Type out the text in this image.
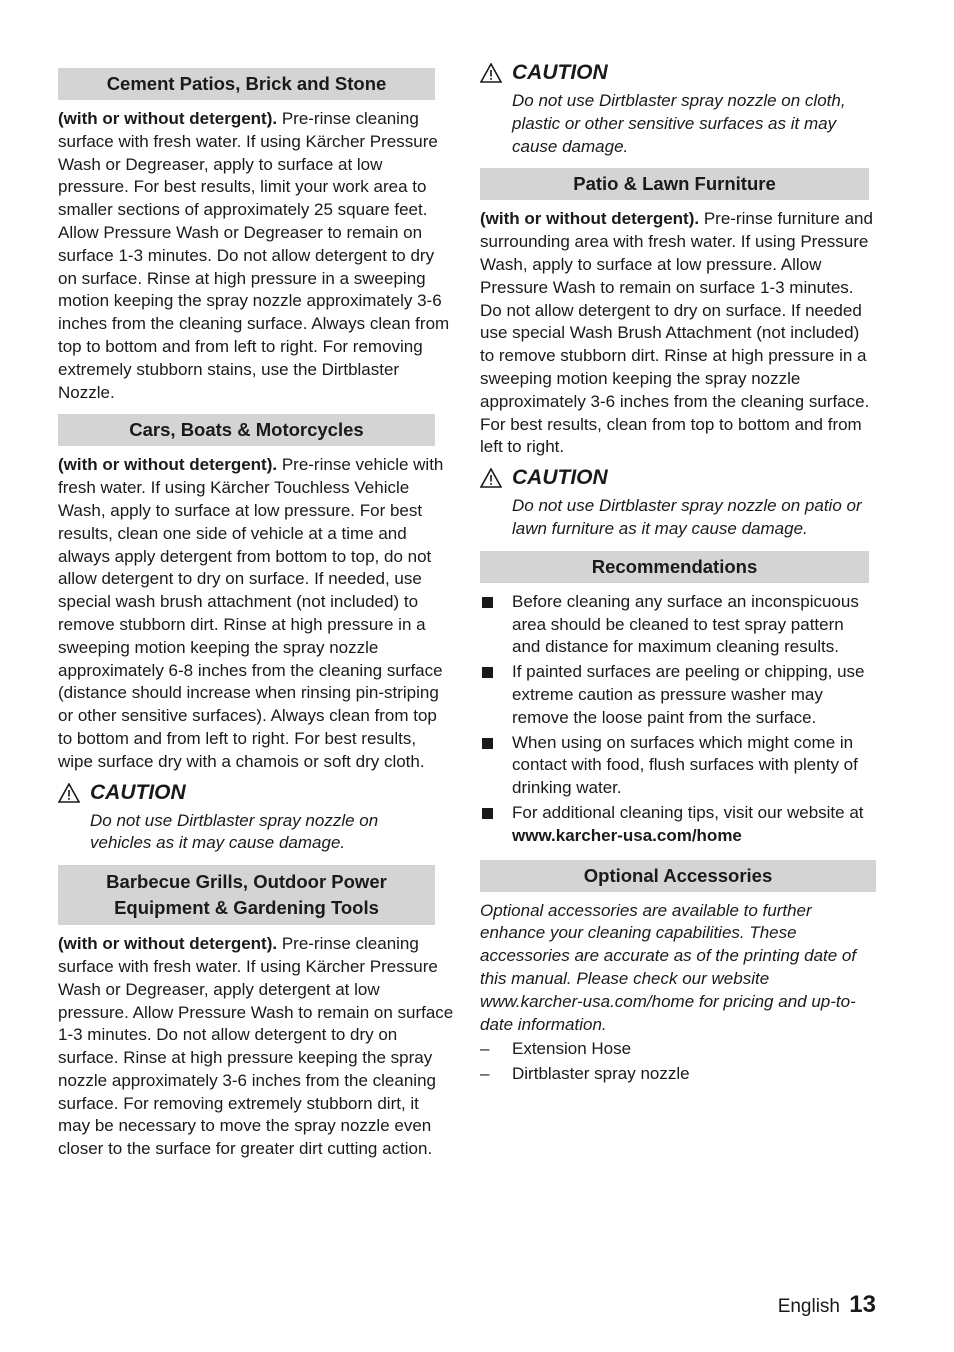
Cement Patios, Brick and Stone

(with or without detergent). Pre-rinse cleaning surface with fresh water. If using Kärcher Pressure Wash or Degreaser, apply to surface at low pressure. For best results, limit your work area to smaller sections of approximately 25 square feet. Allow Pressure Wash or Degreaser to remain on surface 1-3 minutes. Do not allow detergent to dry on surface. Rinse at high pressure in a sweeping motion keeping the spray nozzle approximately 3-6 inches from the cleaning surface. Always clean from top to bottom and from left to right. For removing extremely stubborn stains, use the Dirtblaster Nozzle.

Cars, Boats & Motorcycles

(with or without detergent). Pre-rinse vehicle with fresh water. If using Kärcher Touchless Vehicle Wash, apply to surface at low pressure. For best results, clean one side of vehicle at a time and always apply detergent from bottom to top, do not allow detergent to dry on surface. If needed, use special wash brush attachment (not included) to remove stubborn dirt. Rinse at high pressure in a sweeping motion keeping the spray nozzle approximately 6-8 inches from the cleaning surface (distance should increase when rinsing pin-striping or other sensitive surfaces). Always clean from top to bottom and from left to right. For best results, wipe surface dry with a chamois or soft dry cloth.

CAUTION

Do not use Dirtblaster spray nozzle on vehicles as it may cause damage.

Barbecue Grills, Outdoor Power Equipment & Gardening Tools

(with or without detergent). Pre-rinse cleaning surface with fresh water. If using Kärcher Pressure Wash or Degreaser, apply detergent at low pressure. Allow Pressure Wash to remain on surface 1-3 minutes. Do not allow detergent to dry on surface. Rinse at high pressure keeping the spray nozzle approximately 3-6 inches from the cleaning surface. For removing extremely stubborn dirt, it may be necessary to move the spray nozzle even closer to the surface for greater dirt cutting action.

CAUTION

Do not use Dirtblaster spray nozzle on cloth, plastic or other sensitive surfaces as it may cause damage.

Patio & Lawn Furniture

(with or without detergent). Pre-rinse furniture and surrounding area with fresh water. If using Pressure Wash, apply to surface at low pressure. Allow Pressure Wash to remain on surface 1-3 minutes. Do not allow detergent to dry on surface. If needed use special Wash Brush Attachment (not included) to remove stubborn dirt. Rinse at high pressure in a sweeping motion keeping the spray nozzle approximately 3-6 inches from the cleaning surface. For best results, clean from top to bottom and from left to right.

CAUTION

Do not use Dirtblaster spray nozzle on patio or lawn furniture as it may cause damage.

Recommendations
Before cleaning any surface an inconspicuous area should be cleaned to test spray pattern and distance for maximum cleaning results.
If painted surfaces are peeling or chipping, use extreme caution as pressure washer may remove the loose paint from the surface.
When using on surfaces which might come in contact with food, flush surfaces with plenty of drinking water.
For additional cleaning tips, visit our website at www.karcher-usa.com/home
Optional Accessories

Optional accessories are available to further enhance your cleaning capabilities. These accessories are accurate as of the printing date of this manual. Please check our website www.karcher-usa.com/home for pricing and up-to-date information.

– Extension Hose
– Dirtblaster spray nozzle
English 13
